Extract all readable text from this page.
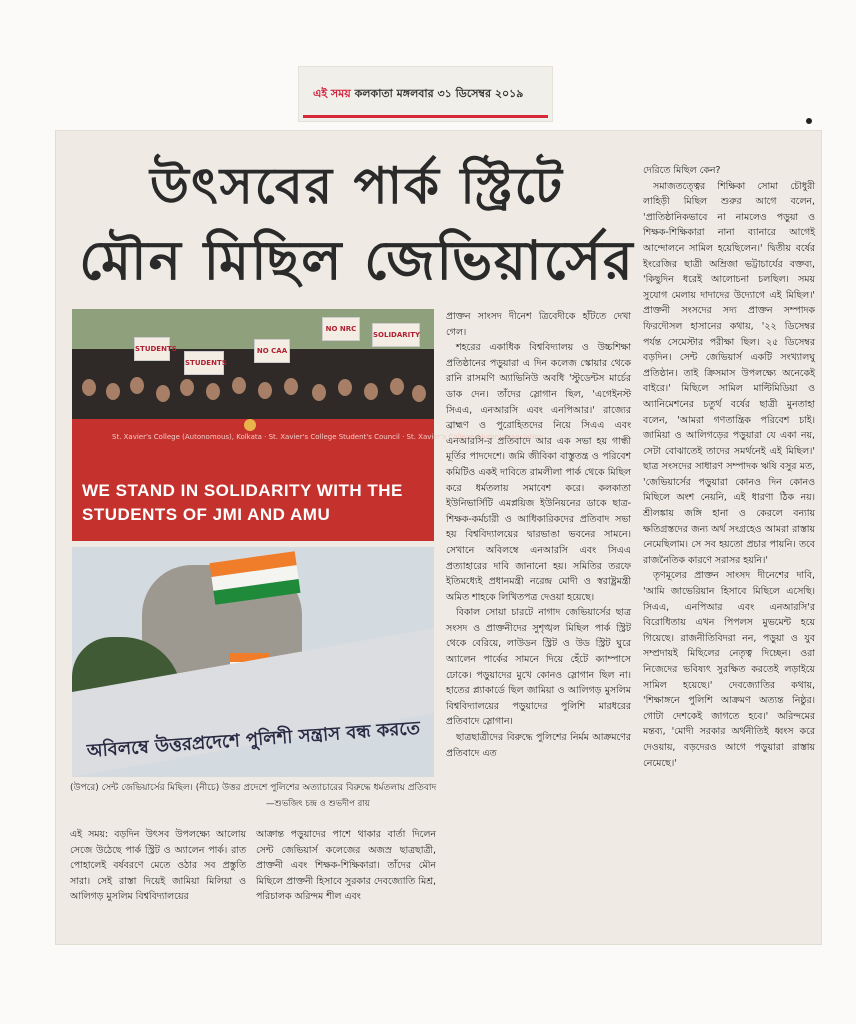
এই সময় কলকাতা মঙ্গলবার ৩১ ডিসেম্বর ২০১৯
উৎসবের পার্ক স্ট্রিটে
মৌন মিছিল জেভিয়ার্সের
STUDENTS
STUDENTS
NO CAA
NO NRC
SOLIDARITY
St. Xavier's College (Autonomous), Kolkata · St. Xavier's College Student's Council · St. Xavier's College Alumni Association
WE STAND IN SOLIDARITY WITH THE STUDENTS OF JMI AND AMU
অবিলম্বে উত্তরপ্রদেশে পুলিশী সন্ত্রাস বন্ধ করতে
(উপরে) সেন্ট জেভিয়ার্সের মিছিল। (নীচে) উত্তর প্রদেশে পুলিশের অত্যাচারের বিরুদ্ধে ধর্মতলায় প্রতিবাদ
—শুভজিৎ চন্দ্র ও শুভদীপ রায়

এই সময়: বড়দিন উৎসব উপলক্ষ্যে আলোয় সেজে উঠেছে পার্ক স্ট্রিট ও অ্যালেন পার্ক। রাত পোহালেই বর্ষবরণে মেতে ওঠার সব প্রস্তুতি সারা। সেই রাস্তা দিয়েই জামিয়া মিলিয়া ও আলিগড় মুসলিম বিশ্ববিদ্যালয়ের

আক্রান্ত পড়ুয়াদের পাশে থাকার বার্তা দিলেন সেন্ট জেভিয়ার্স কলেজের অজস্র ছাত্রছাত্রী, প্রাক্তনী এবং শিক্ষক-শিক্ষিকারা। তাঁদের মৌন মিছিলে প্রাক্তনী হিসাবে সুরকার দেবজ্যোতি মিশ্র, পরিচালক অরিন্দম শীল এবং

প্রাক্তন সাংসদ দীনেশ ত্রিবেদীকে হাঁটতে দেখা গেল।

শহরের একাধিক বিশ্ববিদ্যালয় ও উচ্চশিক্ষা প্রতিষ্ঠানের পড়ুয়ারা এ দিন কলেজ স্কোয়ার থেকে রানি রাসমণি অ্যাভিনিউ অবধি 'স্টুডেন্টস মার্চের ডাক দেন। তাঁদের স্লোগান ছিল, 'এগেইনস্ট সিএএ, এনআরসি এবং এনপিআর।' রাজ্যের ব্রাহ্মণ ও পুরোহিতদের নিয়ে সিএএ এবং এনআরসি-র প্রতিবাদে আর এক সভা হয় গান্ধী মূর্তির পাদদেশে। জমি জীবিকা বাস্তুতন্ত্র ও পরিবেশ কমিটিও একই দাবিতে রামলীলা পার্ক থেকে মিছিল করে ধর্মতলায় সমাবেশ করে। কলকাতা ইউনিভার্সিটি এমপ্লয়িজ ইউনিয়নের ডাকে ছাত্র-শিক্ষক-কর্মচারী ও আধিকারিকদের প্রতিবাদ সভা হয় বিশ্ববিদ্যালয়ের দ্বারভাঙা ভবনের সামনে। সেখানে অবিলম্বে এনআরসি এবং সিএএ প্রত্যাহারের দাবি জানানো হয়। সমিতির তরফে ইতিমধ্যেই প্রধানমন্ত্রী নরেন্দ্র মোদী ও স্বরাষ্ট্রমন্ত্রী অমিত শাহকে লিখিতপত্র দেওয়া হয়েছে।

বিকাল সোয়া চারটে নাগাদ জেভিয়ার্সের ছাত্র সংসদ ও প্রাক্তনীদের সুশৃঙ্খল মিছিল পার্ক স্ট্রিট থেকে বেরিয়ে, লাউডন স্ট্রিট ও উড স্ট্রিট ঘুরে অ্যালেন পার্কের সামনে দিয়ে হেঁটে ক্যাম্পাসে ঢোকে। পড়ুয়াদের মুখে কোনও স্লোগান ছিল না। হাতের প্ল্যাকার্ডে ছিল জামিয়া ও আলিগড় মুসলিম বিশ্ববিদ্যালয়ের পড়ুয়াদের পুলিশি মারধরের প্রতিবাদে স্লোগান।

ছাত্রছাত্রীদের বিরুদ্ধে পুলিশের নির্মম আক্রমণের প্রতিবাদে এত

দেরিতে মিছিল কেন?

সমাজতত্ত্বের শিক্ষিকা সোমা চৌধুরী লাহিড়ী মিছিল শুরুর আগে বলেন, 'প্রাতিষ্ঠানিকভাবে না নামলেও পড়ুয়া ও শিক্ষক-শিক্ষিকারা নানা ব্যানারে আগেই আন্দোলনে সামিল হয়েছিলেন।' দ্বিতীয় বর্ষের ইংরেজির ছাত্রী অম্রিজা ভট্টাচার্যের বক্তব্য, 'কিছুদিন ধরেই আলোচনা চলছিল। সময় সুযোগ মেলায় দাদাদের উদ্যোগে এই মিছিল।' প্রাক্তনী সংসদের সদ্য প্রাক্তন সম্পাদক ফিরদৌসল হাসানের কথায়, '২২ ডিসেম্বর পর্যন্ত সেমেস্টার পরীক্ষা ছিল। ২৫ ডিসেম্বর বড়দিন। সেন্ট জেভিয়ার্স একটি সংখ্যালঘু প্রতিষ্ঠান। তাই ক্রিসমাস উপলক্ষ্যে অনেকেই বাইরে।' মিছিলে সামিল মাল্টিমিডিয়া ও অ্যানিমেশনের চতুর্থ বর্ষের ছাত্রী মুনতাহা বলেন, 'আমরা গণতান্ত্রিক পরিবেশ চাই। জামিয়া ও আলিগড়ের পড়ুয়ারা যে একা নয়, সেটা বোঝাতেই তাদের সমর্থনেই এই মিছিল।' ছাত্র সংসদের সাধারণ সম্পাদক ঋষি বসুর মত, 'জেভিয়ার্সের পড়ুয়ারা কোনও দিন কোনও মিছিলে অংশ নেয়নি, এই ধারণা ঠিক নয়। শ্রীলঙ্কায় জঙ্গি হানা ও কেরলে বন্যায় ক্ষতিগ্রস্তদের জন্য অর্থ সংগ্রহেও আমরা রাস্তায় নেমেছিলাম। সে সব হয়তো প্রচার পায়নি। তবে রাজনৈতিক কারণে সরাসর হয়নি।'

তৃণমূলের প্রাক্তন সাংসদ দীনেশের দাবি, 'আমি জাভেরিয়ান হিসাবে মিছিলে এসেছি। সিএএ, এনপিআর এবং এনআরসি'র বিরোধিতায় এখন পিপলস মুভমেন্ট হয়ে গিয়েছে। রাজনীতিবিদরা নন, পড়ুয়া ও যুব সম্প্রদায়ই মিছিলের নেতৃত্ব দিচ্ছেন। ওরা নিজেদের ভবিষ্যৎ সুরক্ষিত করতেই লড়াইয়ে সামিল হয়েছে।' দেবজ্যোতির কথায়, 'শিক্ষাঙ্গনে পুলিশি আক্রমণ অত্যন্ত নিষ্ঠুর। গোটা দেশকেই জাগতে হবে।' অরিন্দমের মন্তব্য, 'মোদী সরকার অর্থনীতিই ধ্বংস করে দেওয়ায়, বড়দেরও আগে পড়ুয়ারা রাস্তায় নেমেছে।'
